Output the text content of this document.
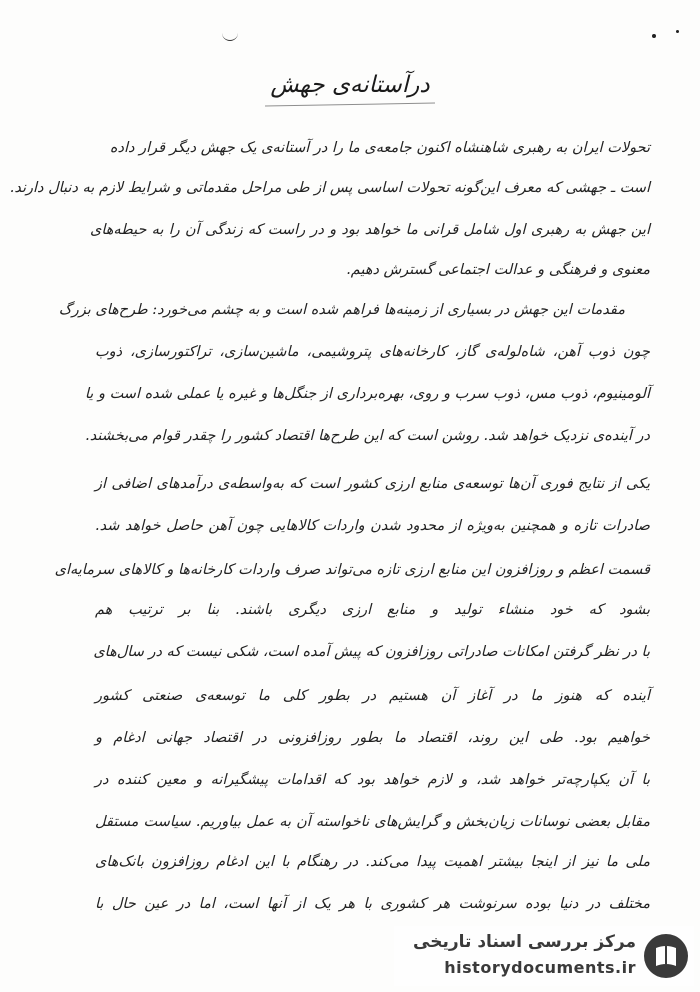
درآستانه‌ی جهش
تحولات ایران به رهبری شاهنشاه اکنون جامعه‌ی ما را در آستانه‌ی یک جهش دیگر قرار داده
است ـ جهشی که معرف این‌گونه تحولات اساسی پس از طی مراحل مقدماتی و شرایط لازم به دنبال دارند.
این جهش به رهبری اول شامل قرانی ما خواهد بود و در راست که زندگی آن را به حیطه‌های
معنوی و فرهنگی و عدالت اجتماعی گسترش دهیم.
مقدمات این جهش در بسیاری از زمینه‌ها فراهم شده است و به چشم می‌خورد: طرح‌های بزرگ
چون ذوب آهن، شاه‌لوله‌ی گاز، کارخانه‌های پتروشیمی، ماشین‌سازی، تراکتورسازی، ذوب
آلومینیوم، ذوب مس، ذوب سرب و روی، بهره‌برداری از جنگل‌ها و غیره یا عملی شده است و یا
در آینده‌ی نزدیک خواهد شد. روشن است که این طرح‌ها اقتصاد کشور را چقدر قوام می‌بخشند.
یکی از نتایج فوری آن‌ها توسعه‌ی منابع ارزی کشور است که به‌واسطه‌ی درآمدهای اضافی از
صادرات تازه و همچنین به‌ویژه از محدود شدن واردات کالاهایی چون آهن حاصل خواهد شد.
قسمت اعظم و روزافزون این منابع ارزی تازه می‌تواند صرف واردات کارخانه‌ها و کالاهای سرمایه‌ای
بشود که خود منشاء تولید و منابع ارزی دیگری باشند. بنا بر ترتیب هم
با در نظر گرفتن امکانات صادراتی روزافزون که پیش آمده است، شکی نیست که در سال‌های
آینده که هنوز ما در آغاز آن هستیم در بطور کلی ما توسعه‌ی صنعتی کشور
خواهیم بود. طی این روند، اقتصاد ما بطور روزافزونی در اقتصاد جهانی ادغام و
با آن یکپارچه‌تر خواهد شد، و لازم خواهد بود که اقدامات پیشگیرانه و معین کننده در
مقابل بعضی نوسانات زیان‌بخش و گرایش‌های ناخواسته آن به عمل بیاوریم. سیاست مستقل
ملی ما نیز از اینجا بیشتر اهمیت پیدا می‌کند. در رهنگام با این ادغام روزافزون بانک‌های
مختلف در دنیا بوده سرنوشت هر کشوری با هر یک از آنها است، اما در عین حال با
مرکز بررسی اسناد تاریخی
historydocuments.ir
